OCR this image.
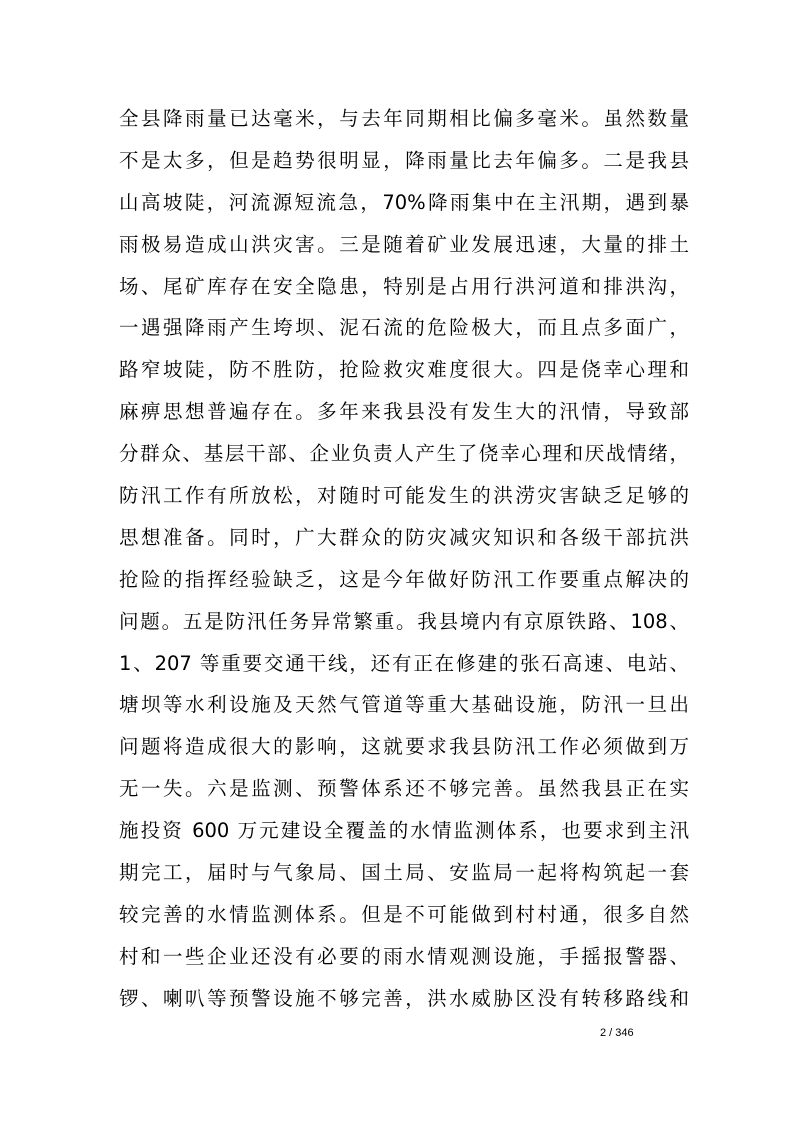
全县降雨量已达毫米，与去年同期相比偏多毫米。虽然数量
不是太多，但是趋势很明显，降雨量比去年偏多。二是我县
山高坡陡，河流源短流急，70%降雨集中在主汛期，遇到暴
雨极易造成山洪灾害。三是随着矿业发展迅速，大量的排土
场、尾矿库存在安全隐患，特别是占用行洪河道和排洪沟，
一遇强降雨产生垮坝、泥石流的危险极大，而且点多面广，
路窄坡陡，防不胜防，抢险救灾难度很大。四是侥幸心理和
麻痹思想普遍存在。多年来我县没有发生大的汛情，导致部
分群众、基层干部、企业负责人产生了侥幸心理和厌战情绪，
防汛工作有所放松，对随时可能发生的洪涝灾害缺乏足够的
思想准备。同时，广大群众的防灾减灾知识和各级干部抗洪
抢险的指挥经验缺乏，这是今年做好防汛工作要重点解决的
问题。五是防汛任务异常繁重。我县境内有京原铁路、108、
1、207 等重要交通干线，还有正在修建的张石高速、电站、
塘坝等水利设施及天然气管道等重大基础设施，防汛一旦出
问题将造成很大的影响，这就要求我县防汛工作必须做到万
无一失。六是监测、预警体系还不够完善。虽然我县正在实
施投资 600 万元建设全覆盖的水情监测体系，也要求到主汛
期完工，届时与气象局、国土局、安监局一起将构筑起一套
较完善的水情监测体系。但是不可能做到村村通，很多自然
村和一些企业还没有必要的雨水情观测设施，手摇报警器、
锣、喇叭等预警设施不够完善，洪水威胁区没有转移路线和
2 / 346
